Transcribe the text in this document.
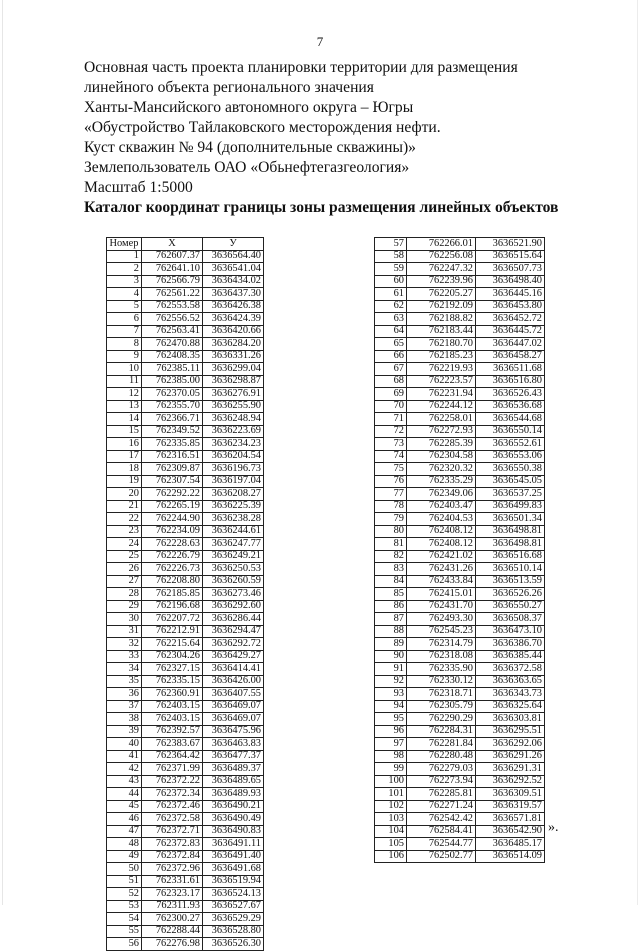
7
Основная часть проекта планировки территории для размещения
линейного объекта регионального значения
Ханты-Мансийского автономного округа – Югры
«Обустройство Тайлаковского месторождения нефти.
Куст скважин № 94 (дополнительные скважины)»
Землепользователь ОАО «Обьнефтегазгеология»
Масштаб 1:5000
Каталог координат границы зоны размещения линейных объектов
Номер	X	У
1	762607.37	3636564.40
2	762641.10	3636541.04
3	762566.79	3636434.02
4	762561.22	3636437.30
5	762553.58	3636426.38
6	762556.52	3636424.39
7	762563.41	3636420.66
8	762470.88	3636284.20
9	762408.35	3636331.26
10	762385.11	3636299.04
11	762385.00	3636298.87
12	762370.05	3636276.91
13	762355.70	3636255.90
14	762366.71	3636248.94
15	762349.52	3636223.69
16	762335.85	3636234.23
17	762316.51	3636204.54
18	762309.87	3636196.73
19	762307.54	3636197.04
20	762292.22	3636208.27
21	762265.19	3636225.39
22	762244.90	3636238.28
23	762234.09	3636244.61
24	762228.63	3636247.77
25	762226.79	3636249.21
26	762226.73	3636250.53
27	762208.80	3636260.59
28	762185.85	3636273.46
29	762196.68	3636292.60
30	762207.72	3636286.44
31	762212.91	3636294.47
32	762215.64	3636292.72
33	762304.26	3636429.27
34	762327.15	3636414.41
35	762335.15	3636426.00
36	762360.91	3636407.55
37	762403.15	3636469.07
38	762403.15	3636469.07
39	762392.57	3636475.96
40	762383.67	3636463.83
41	762364.42	3636477.37
42	762371.99	3636489.37
43	762372.22	3636489.65
44	762372.34	3636489.93
45	762372.46	3636490.21
46	762372.58	3636490.49
47	762372.71	3636490.83
48	762372.83	3636491.11
49	762372.84	3636491.40
50	762372.96	3636491.68
51	762331.61	3636519.94
52	762323.17	3636524.13
53	762311.93	3636527.67
54	762300.27	3636529.29
55	762288.44	3636528.80
56	762276.98	3636526.30
57	762266.01	3636521.90
58	762256.08	3636515.64
59	762247.32	3636507.73
60	762239.96	3636498.40
61	762205.27	3636445.16
62	762192.09	3636453.80
63	762188.82	3636452.72
64	762183.44	3636445.72
65	762180.70	3636447.02
66	762185.23	3636458.27
67	762219.93	3636511.68
68	762223.57	3636516.80
69	762231.94	3636526.43
70	762244.12	3636536.68
71	762258.01	3636544.68
72	762272.93	3636550.14
73	762285.39	3636552.61
74	762304.58	3636553.06
75	762320.32	3636550.38
76	762335.29	3636545.05
77	762349.06	3636537.25
78	762403.47	3636499.83
79	762404.53	3636501.34
80	762408.12	3636498.81
81	762408.12	3636498.81
82	762421.02	3636516.68
83	762431.26	3636510.14
84	762433.84	3636513.59
85	762415.01	3636526.26
86	762431.70	3636550.27
87	762493.30	3636508.37
88	762545.23	3636473.10
89	762314.79	3636386.70
90	762318.08	3636385.44
91	762335.90	3636372.58
92	762330.12	3636363.65
93	762318.71	3636343.73
94	762305.79	3636325.64
95	762290.29	3636303.81
96	762284.31	3636295.51
97	762281.84	3636292.06
98	762280.48	3636291.26
99	762279.03	3636291.31
100	762273.94	3636292.52
101	762285.81	3636309.51
102	762271.24	3636319.57
103	762542.42	3636571.81
104	762584.41	3636542.90
105	762544.77	3636485.17
106	762502.77	3636514.09
».
